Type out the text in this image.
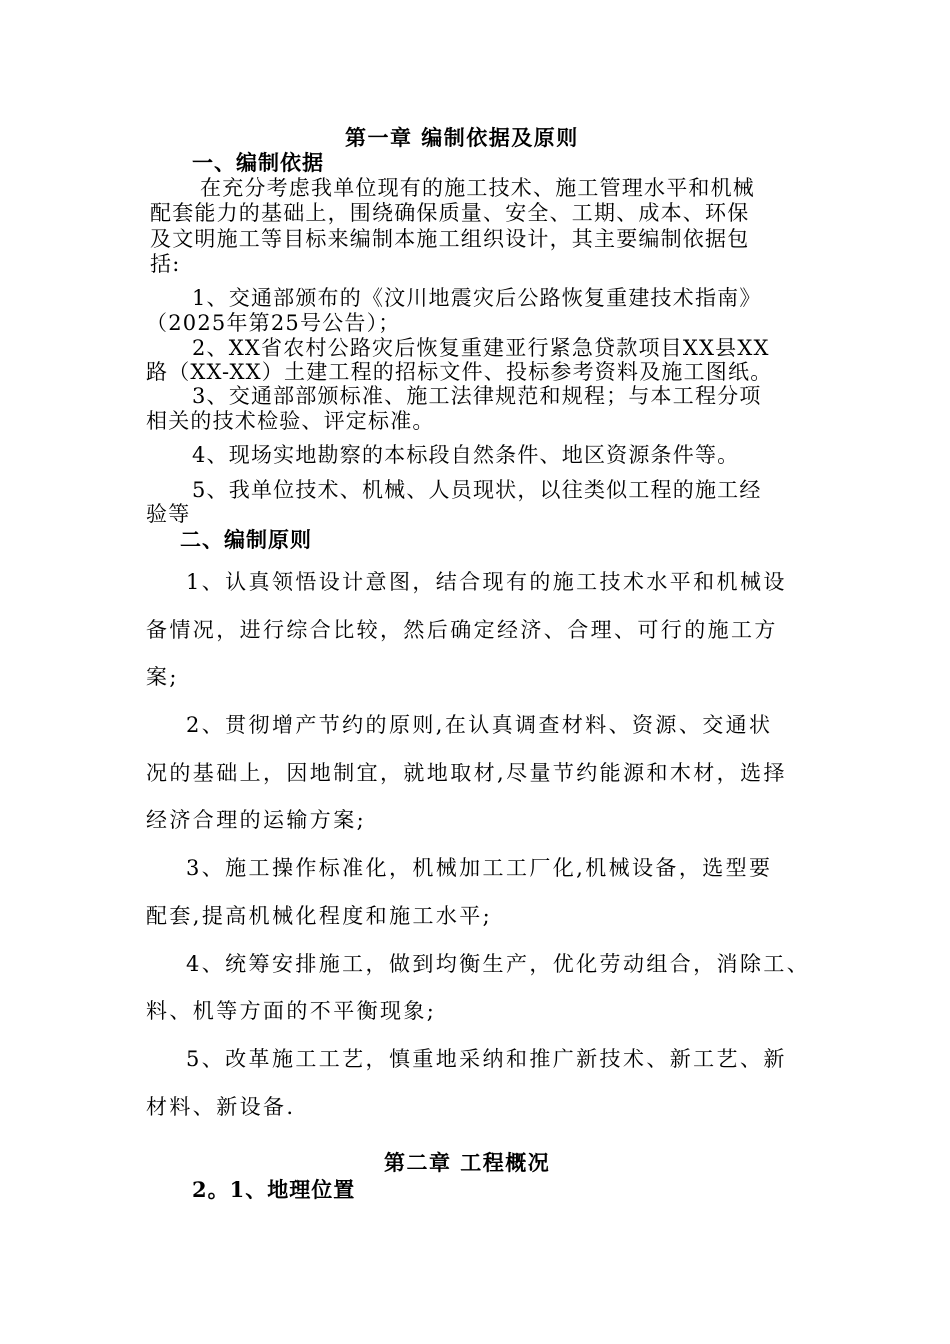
第一章 编制依据及原则
一、编制依据
在充分考虑我单位现有的施工技术、施工管理水平和机械
配套能力的基础上，围绕确保质量、安全、工期、成本、环保
及文明施工等目标来编制本施工组织设计，其主要编制依据包
括:
1、交通部颁布的《汶川地震灾后公路恢复重建技术指南》
（2025年第25号公告）；
2、XX省农村公路灾后恢复重建亚行紧急贷款项目XX县XX
路（XX-XX）土建工程的招标文件、投标参考资料及施工图纸。
3、交通部部颁标准、施工法律规范和规程；与本工程分项
相关的技术检验、评定标准。
4、现场实地勘察的本标段自然条件、地区资源条件等。
5、我单位技术、机械、人员现状，以往类似工程的施工经
验等
二、编制原则
1、认真领悟设计意图，结合现有的施工技术水平和机械设
备情况，进行综合比较，然后确定经济、合理、可行的施工方
案;
2、贯彻增产节约的原则,在认真调查材料、资源、交通状
况的基础上，因地制宜，就地取材,尽量节约能源和木材，选择
经济合理的运输方案;
3、施工操作标准化，机械加工工厂化,机械设备，选型要
配套,提高机械化程度和施工水平;
4、统筹安排施工，做到均衡生产，优化劳动组合，消除工、
料、机等方面的不平衡现象;
5、改革施工工艺，慎重地采纳和推广新技术、新工艺、新
材料、新设备.
第二章 工程概况
2。1、地理位置
